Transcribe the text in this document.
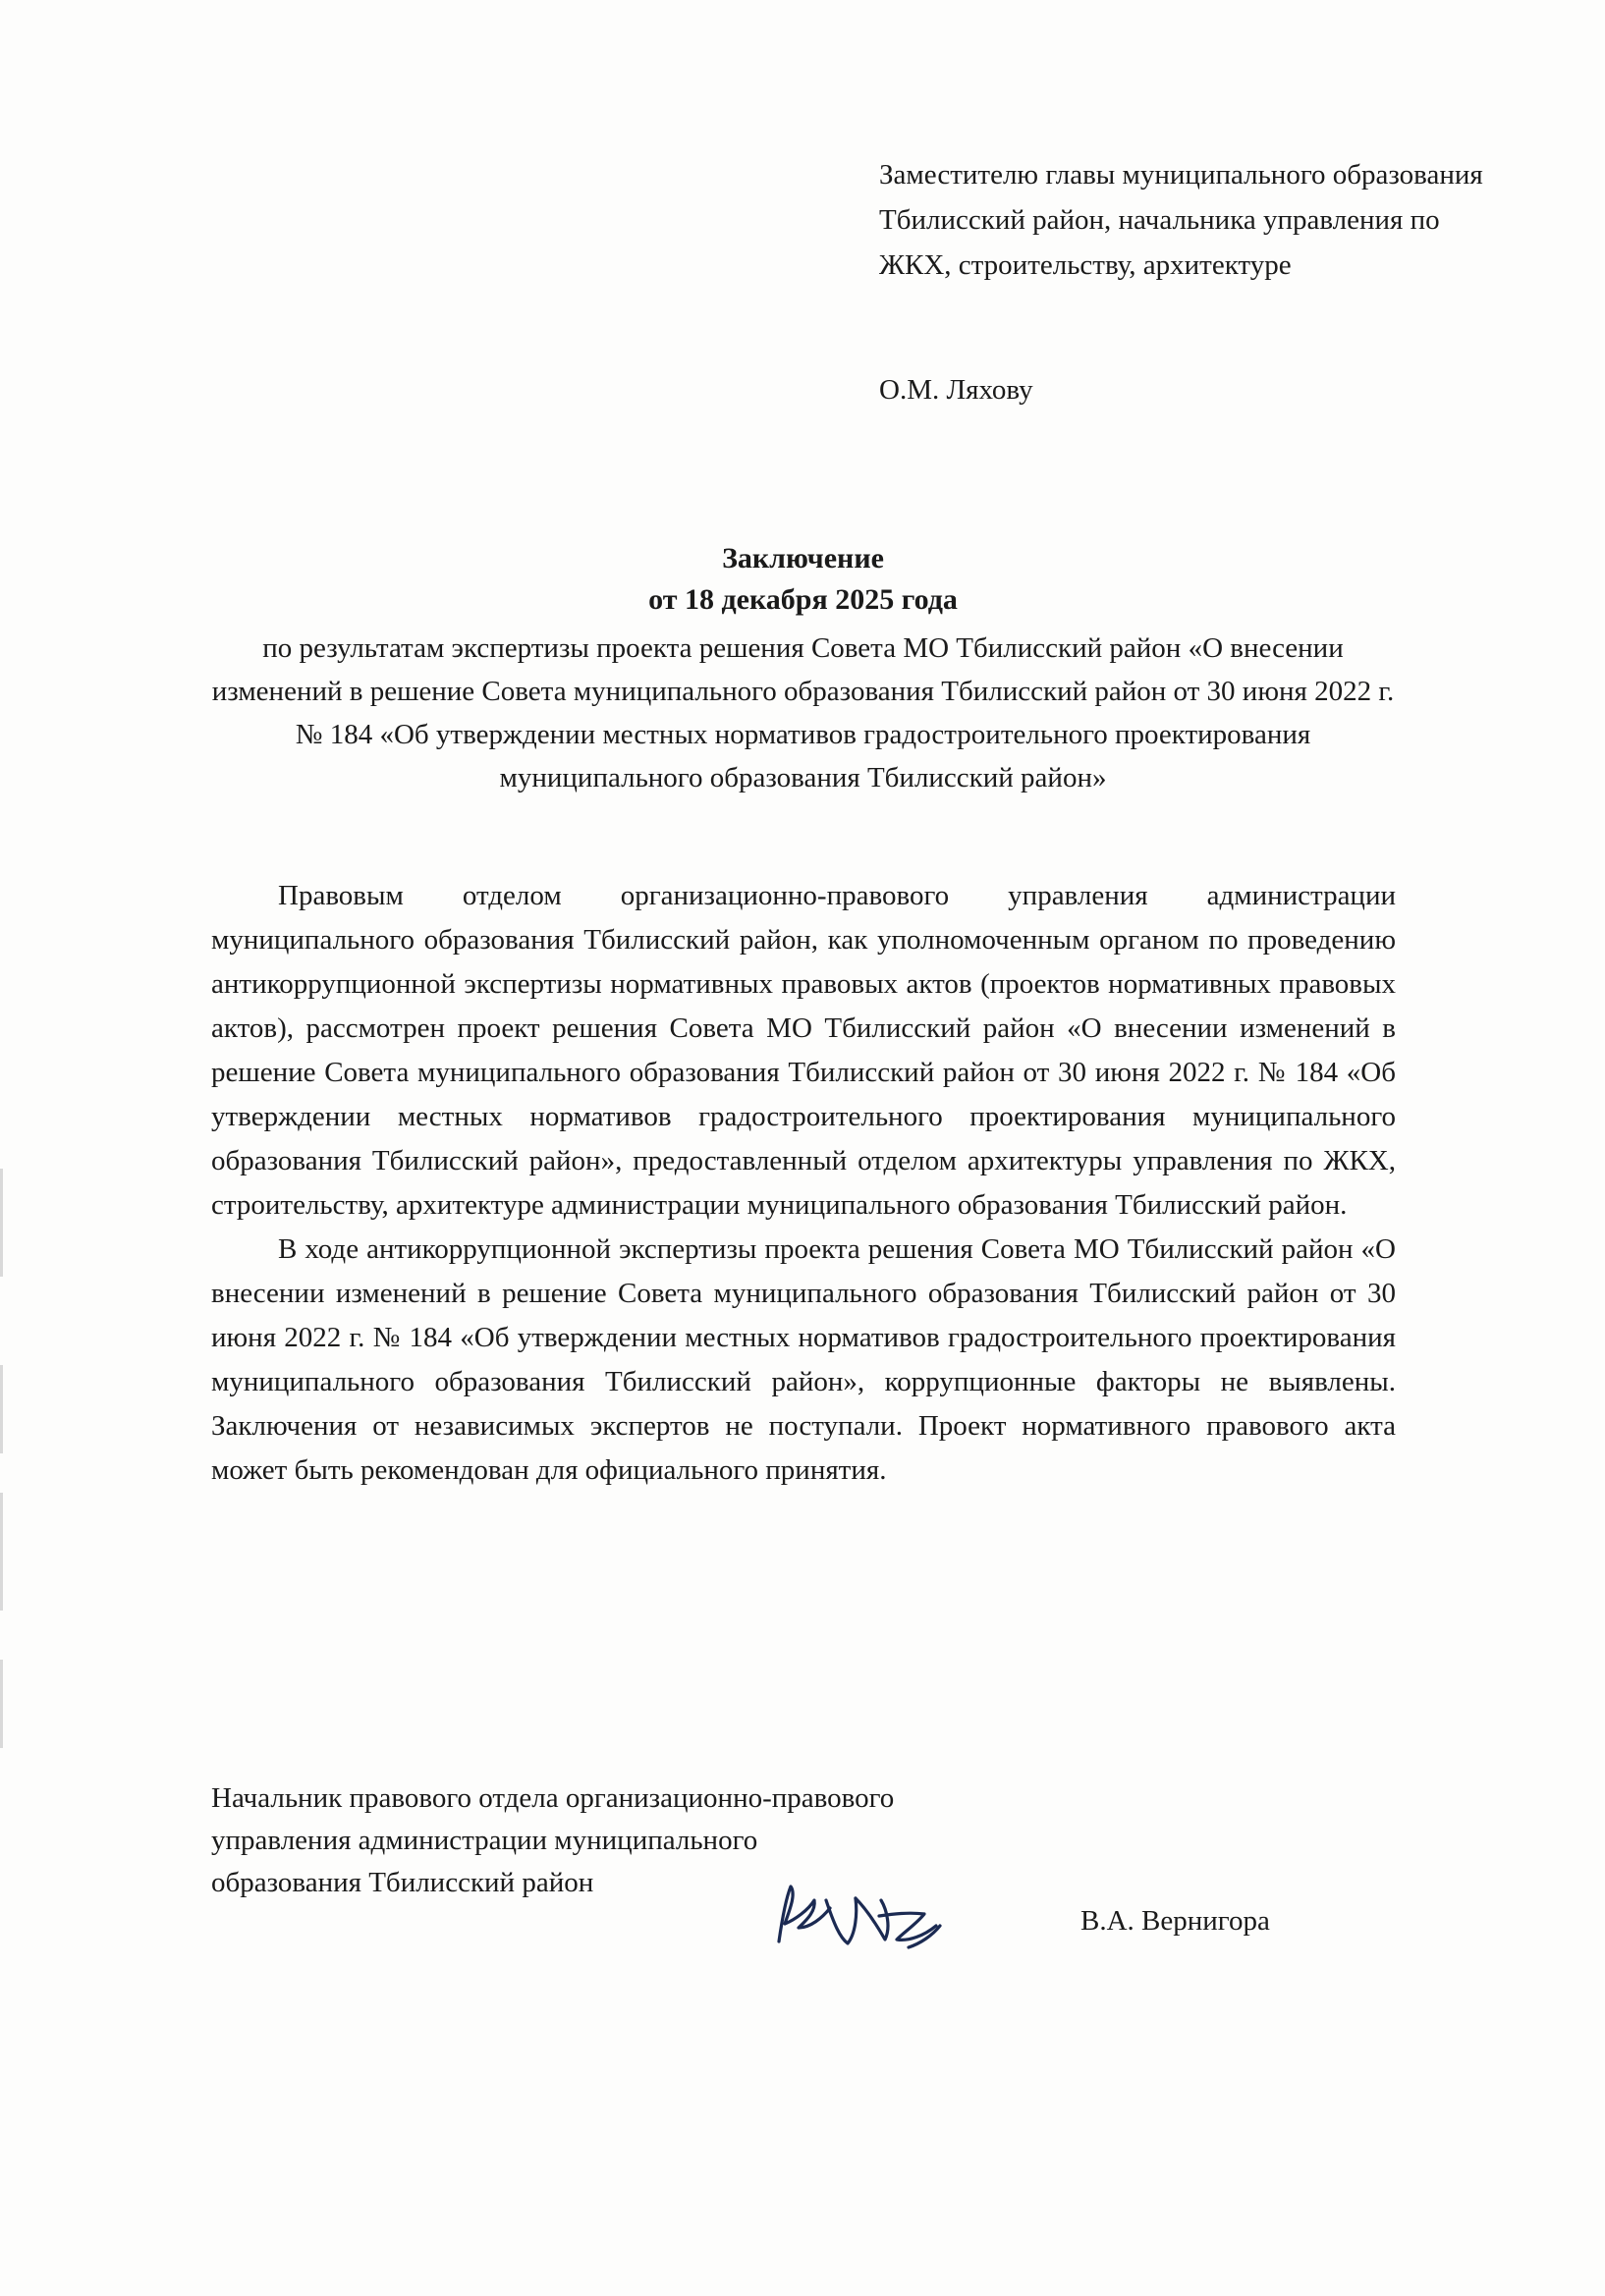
Заместителю главы муниципального образования Тбилисский район, начальника управления по ЖКХ, строительству, архитектуре
О.М. Ляхову
Заключение
от 18 декабря 2025 года
по результатам экспертизы проекта решения Совета МО Тбилисский район «О внесении изменений в решение Совета муниципального образования Тбилисский район от 30 июня 2022 г. № 184 «Об утверждении местных нормативов градостроительного проектирования муниципального образования Тбилисский район»

Правовым отделом организационно-правового управления администрации муниципального образования Тбилисский район, как уполномоченным органом по проведению антикоррупционной экспертизы нормативных правовых актов (проектов нормативных правовых актов), рассмотрен проект решения Совета МО Тбилисский район «О внесении изменений в решение Совета муниципального образования Тбилисский район от 30 июня 2022 г. № 184 «Об утверждении местных нормативов градостроительного проектирования муниципального образования Тбилисский район», предоставленный отделом архитектуры управления по ЖКХ, строительству, архитектуре администрации муниципального образования Тбилисский район.

В ходе антикоррупционной экспертизы проекта решения Совета МО Тбилисский район «О внесении изменений в решение Совета муниципального образования Тбилисский район от 30 июня 2022 г. № 184 «Об утверждении местных нормативов градостроительного проектирования муниципального образования Тбилисский район», коррупционные факторы не выявлены. Заключения от независимых экспертов не поступали. Проект нормативного правового акта может быть рекомендован для официального принятия.

Начальник правового отдела организационно-правового управления администрации муниципального образования Тбилисский район
В.А. Вернигора
